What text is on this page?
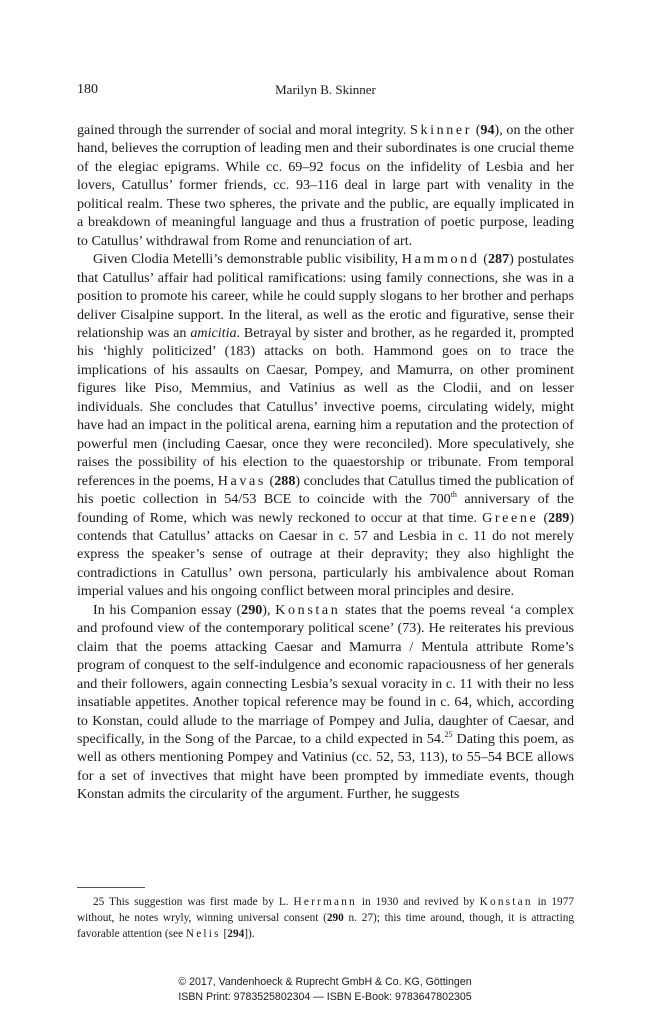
180	Marilyn B. Skinner

gained through the surrender of social and moral integrity. Skinner (94), on the other hand, believes the corruption of leading men and their subordinates is one crucial theme of the elegiac epigrams. While cc. 69–92 focus on the infidelity of Lesbia and her lovers, Catullus’ former friends, cc. 93–116 deal in large part with venality in the political realm. These two spheres, the private and the public, are equally implicated in a breakdown of meaningful language and thus a frustration of poetic purpose, leading to Catullus’ withdrawal from Rome and renunciation of art.

Given Clodia Metelli’s demonstrable public visibility, Hammond (287) postulates that Catullus’ affair had political ramifications: using family connections, she was in a position to promote his career, while he could supply slogans to her brother and perhaps deliver Cisalpine support. In the literal, as well as the erotic and figurative, sense their relationship was an amicitia. Betrayal by sister and brother, as he regarded it, prompted his ‘highly politicized’ (183) attacks on both. Hammond goes on to trace the implications of his assaults on Caesar, Pompey, and Mamurra, on other prominent figures like Piso, Memmius, and Vatinius as well as the Clodii, and on lesser individuals. She concludes that Catullus’ invective poems, circulating widely, might have had an impact in the political arena, earning him a reputation and the protection of powerful men (including Caesar, once they were reconciled). More speculatively, she raises the possibility of his election to the quaestorship or tribunate. From temporal references in the poems, Havas (288) concludes that Catullus timed the publication of his poetic collection in 54/53 BCE to coincide with the 700th anniversary of the founding of Rome, which was newly reckoned to occur at that time. Greene (289) contends that Catullus’ attacks on Caesar in c. 57 and Lesbia in c. 11 do not merely express the speaker’s sense of outrage at their depravity; they also highlight the contradictions in Catullus’ own persona, particularly his ambivalence about Roman imperial values and his ongoing conflict between moral principles and desire.

In his Companion essay (290), Konstan states that the poems reveal ‘a complex and profound view of the contemporary political scene’ (73). He reiterates his previous claim that the poems attacking Caesar and Mamurra / Mentula attribute Rome’s program of conquest to the self-indulgence and economic rapaciousness of her generals and their followers, again connecting Lesbia’s sexual voracity in c. 11 with their no less insatiable appetites. Another topical reference may be found in c. 64, which, according to Konstan, could allude to the marriage of Pompey and Julia, daughter of Caesar, and specifically, in the Song of the Parcae, to a child expected in 54.25 Dating this poem, as well as others mentioning Pompey and Vatinius (cc. 52, 53, 113), to 55–54 BCE allows for a set of invectives that might have been prompted by immediate events, though Konstan admits the circularity of the argument. Further, he suggests

25 This suggestion was first made by L. Herrmann in 1930 and revived by Konstan in 1977 without, he notes wryly, winning universal consent (290 n. 27); this time around, though, it is attracting favorable attention (see Nelis [294]).

© 2017, Vandenhoeck & Ruprecht GmbH & Co. KG, Göttingen
ISBN Print: 9783525802304 — ISBN E-Book: 9783647802305
